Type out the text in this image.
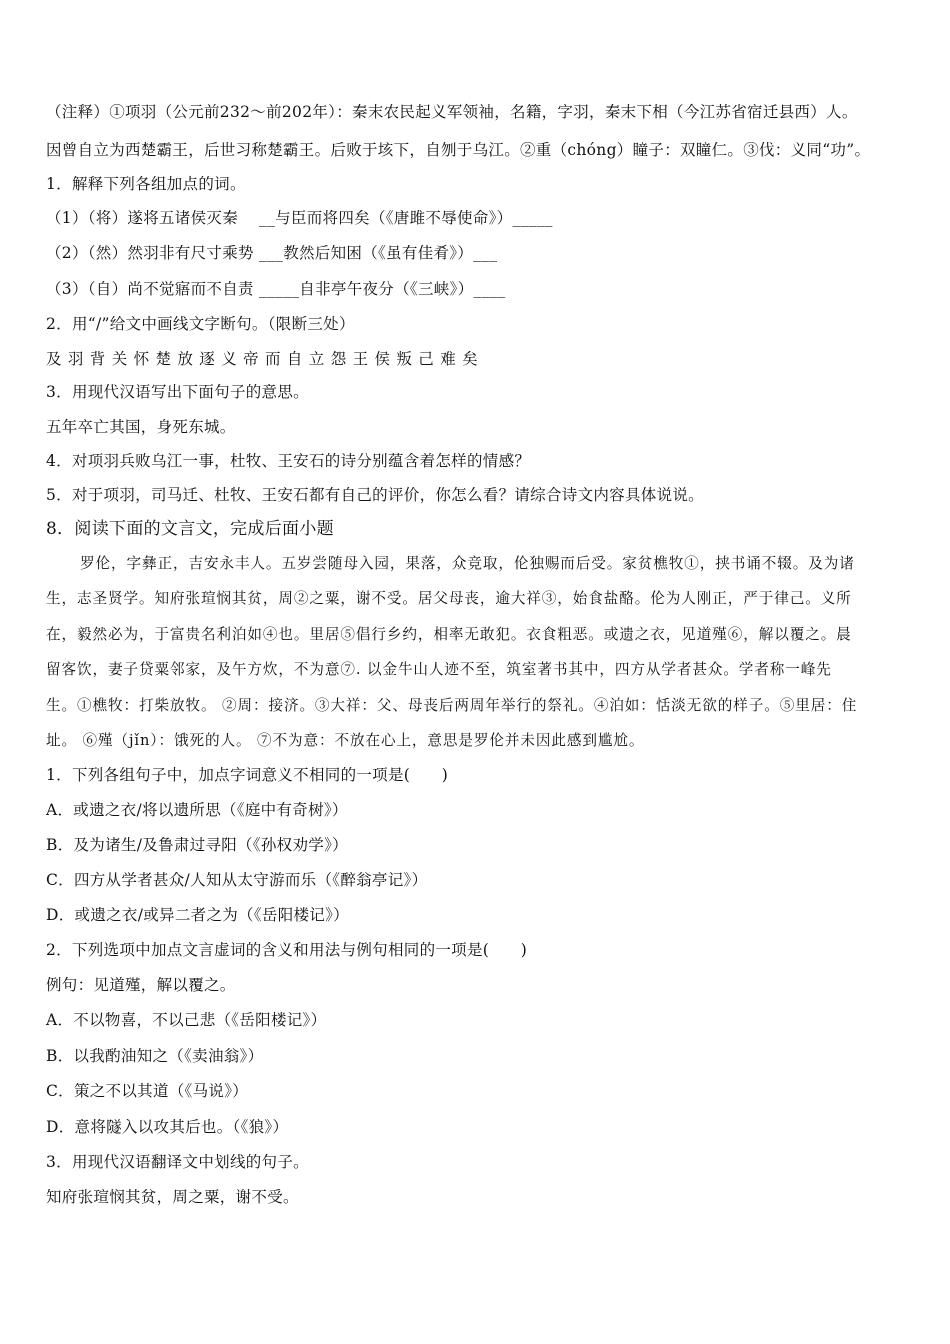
（注释）①项羽（公元前232～前202年）：秦末农民起义军领袖，名籍，字羽，秦末下相（今江苏省宿迁县西）人。
因曾自立为西楚霸王，后世习称楚霸王。后败于垓下，自刎于乌江。②重（chóng）瞳子：双瞳仁。③伐：义同“功”。
1．解释下列各组加点的词。
（1）（将）遂将五诸侯灭秦　 __与臣而将四矣（《唐雎不辱使命》）_____
（2）（然）然羽非有尺寸乘势 ___教然后知困（《虽有佳肴》）___
（3）（自）尚不觉寤而不自责 _____自非亭午夜分（《三峡》）____
2．用“/”给文中画线文字断句。（限断三处）
及羽背关怀楚放逐义帝而自立怨王侯叛己难矣
3．用现代汉语写出下面句子的意思。
五年卒亡其国，身死东城。
4．对项羽兵败乌江一事，杜牧、王安石的诗分别蕴含着怎样的情感？
5．对于项羽，司马迁、杜牧、王安石都有自己的评价，你怎么看？请综合诗文内容具体说说。
8．阅读下面的文言文，完成后面小题
罗伦，字彝正，吉安永丰人。五岁尝随母入园，果落，众竞取，伦独赐而后受。家贫樵牧①，挟书诵不辍。及为诸
生，志圣贤学。知府张瑄悯其贫，周②之粟，谢不受。居父母丧，逾大祥③，始食盐酪。伦为人刚正，严于律己。义所
在，毅然必为，于富贵名利泊如④也。里居⑤倡行乡约，相率无敢犯。衣食粗恶。或遗之衣，见道殣⑥，解以覆之。晨
留客饮，妻子贷粟邻家，及午方炊，不为意⑦. 以金牛山人迹不至，筑室著书其中，四方从学者甚众。学者称一峰先
生。①樵牧：打柴放牧。 ②周：接济。③大祥：父、母丧后两周年举行的祭礼。④泊如：恬淡无欲的样子。⑤里居：住
址。 ⑥殣（jǐn）：饿死的人。 ⑦不为意：不放在心上，意思是罗伦并未因此感到尴尬。
1．下列各组句子中，加点字词意义不相同的一项是(　　)
A．或遗之衣/将以遗所思（《庭中有奇树》）
B．及为诸生/及鲁肃过寻阳（《孙权劝学》）
C．四方从学者甚众/人知从太守游而乐（《醉翁亭记》）
D．或遗之衣/或异二者之为（《岳阳楼记》）
2．下列选项中加点文言虚词的含义和用法与例句相同的一项是(　　)
例句：见道殣，解以覆之。
A．不以物喜，不以己悲（《岳阳楼记》）
B．以我酌油知之（《卖油翁》）
C．策之不以其道（《马说》）
D．意将隧入以攻其后也。（《狼》）
3．用现代汉语翻译文中划线的句子。
知府张瑄悯其贫，周之粟，谢不受。
